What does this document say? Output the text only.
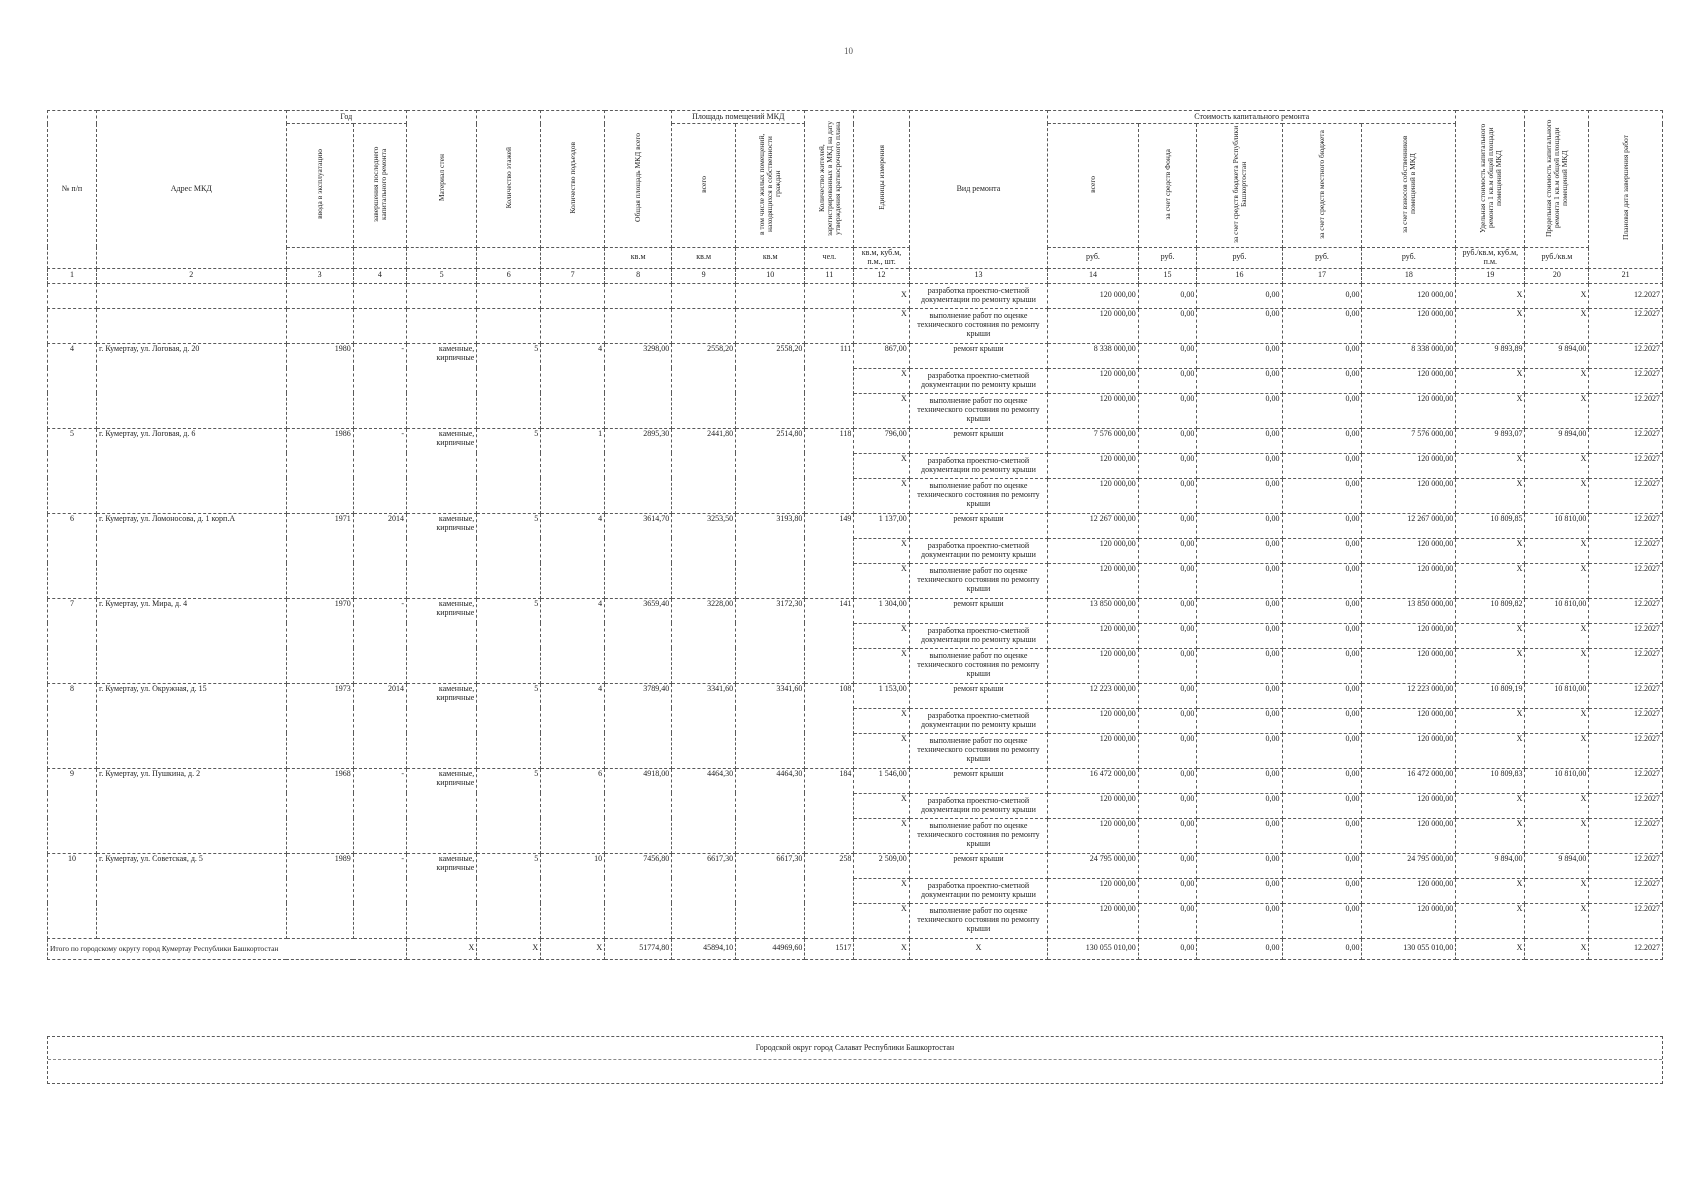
10
№ п/п	Адрес МКД	Год		Материал стен	Количество этажей	Количество подъездов	Общая площадь МКД всего	Площадь помещений МКД		Количество жителей, зарегистрированных в МКД на дату утверждения краткосрочного плана	Единицы измерения	Вид ремонта	Стоимость капитального ремонта					Удельная стоимость капитального ремонта 1 кв.м общей площади помещений МКД	Предельная стоимость капитального ремонта 1 кв.м общей площади помещений МКД	Плановая дата завершения работ
		ввода в эксплуатацию	завершения последнего капитального ремонта					всего	в том числе жилых помещений, находящихся в собственности граждан				всего	за счет средств Фонда	за счет средств бюджета Республики Башкортостан	за счет средств местного бюджета	за счет взносов собственников помещений в МКД			
							кв.м	кв.м	кв.м	чел.	кв.м, куб.м, п.м., шт.		руб.	руб.	руб.	руб.	руб.	руб./кв.м, куб.м, п.м.	руб./кв.м	
1	2	3	4	5	6	7	8	9	10	11	12	13	14	15	16	17	18	19	20	21
											X	разработка проектно-сметной документации по ремонту крыши	120 000,00	0,00	0,00	0,00	120 000,00	X	X	12.2027
											X	выполнение работ по оценке технического состояния по ремонту крыши	120 000,00	0,00	0,00	0,00	120 000,00	X	X	12.2027
4	г. Кумертау, ул. Логовая, д. 20	1980	-	каменные, кирпичные	5	4	3298,00	2558,20	2558,20	111	867,00	ремонт крыши	8 338 000,00	0,00	0,00	0,00	8 338 000,00	9 893,89	9 894,00	12.2027
											X	разработка проектно-сметной документации по ремонту крыши	120 000,00	0,00	0,00	0,00	120 000,00	X	X	12.2027
											X	выполнение работ по оценке технического состояния по ремонту крыши	120 000,00	0,00	0,00	0,00	120 000,00	X	X	12.2027
5	г. Кумертау, ул. Логовая, д. 6	1986	-	каменные, кирпичные	5	1	2895,30	2441,80	2514,80	118	796,00	ремонт крыши	7 576 000,00	0,00	0,00	0,00	7 576 000,00	9 893,07	9 894,00	12.2027
											X	разработка проектно-сметной документации по ремонту крыши	120 000,00	0,00	0,00	0,00	120 000,00	X	X	12.2027
											X	выполнение работ по оценке технического состояния по ремонту крыши	120 000,00	0,00	0,00	0,00	120 000,00	X	X	12.2027
6	г. Кумертау, ул. Ломоносова, д. 1 корп.А	1971	2014	каменные, кирпичные	5	4	3614,70	3253,50	3193,80	149	1 137,00	ремонт крыши	12 267 000,00	0,00	0,00	0,00	12 267 000,00	10 809,85	10 810,00	12.2027
											X	разработка проектно-сметной документации по ремонту крыши	120 000,00	0,00	0,00	0,00	120 000,00	X	X	12.2027
											X	выполнение работ по оценке технического состояния по ремонту крыши	120 000,00	0,00	0,00	0,00	120 000,00	X	X	12.2027
7	г. Кумертау, ул. Мира, д. 4	1970	-	каменные, кирпичные	5	4	3659,40	3228,00	3172,30	141	1 304,00	ремонт крыши	13 850 000,00	0,00	0,00	0,00	13 850 000,00	10 809,82	10 810,00	12.2027
											X	разработка проектно-сметной документации по ремонту крыши	120 000,00	0,00	0,00	0,00	120 000,00	X	X	12.2027
											X	выполнение работ по оценке технического состояния по ремонту крыши	120 000,00	0,00	0,00	0,00	120 000,00	X	X	12.2027
8	г. Кумертау, ул. Окружная, д. 15	1973	2014	каменные, кирпичные	5	4	3789,40	3341,60	3341,60	108	1 153,00	ремонт крыши	12 223 000,00	0,00	0,00	0,00	12 223 000,00	10 809,19	10 810,00	12.2027
											X	разработка проектно-сметной документации по ремонту крыши	120 000,00	0,00	0,00	0,00	120 000,00	X	X	12.2027
											X	выполнение работ по оценке технического состояния по ремонту крыши	120 000,00	0,00	0,00	0,00	120 000,00	X	X	12.2027
9	г. Кумертау, ул. Пушкина, д. 2	1968	-	каменные, кирпичные	5	6	4918,00	4464,30	4464,30	184	1 546,00	ремонт крыши	16 472 000,00	0,00	0,00	0,00	16 472 000,00	10 809,83	10 810,00	12.2027
											X	разработка проектно-сметной документации по ремонту крыши	120 000,00	0,00	0,00	0,00	120 000,00	X	X	12.2027
											X	выполнение работ по оценке технического состояния по ремонту крыши	120 000,00	0,00	0,00	0,00	120 000,00	X	X	12.2027
10	г. Кумертау, ул. Советская, д. 5	1989	-	каменные, кирпичные	5	10	7456,80	6617,30	6617,30	258	2 509,00	ремонт крыши	24 795 000,00	0,00	0,00	0,00	24 795 000,00	9 894,00	9 894,00	12.2027
											X	разработка проектно-сметной документации по ремонту крыши	120 000,00	0,00	0,00	0,00	120 000,00	X	X	12.2027
											X	выполнение работ по оценке технического состояния по ремонту крыши	120 000,00	0,00	0,00	0,00	120 000,00	X	X	12.2027
Итого по городскому округу город Кумертау Республики Башкортостан				X	X	X	51774,80	45894,10	44969,60	1517	X	X	130 055 010,00	0,00	0,00	0,00	130 055 010,00	X	X	12.2027
Городской округ город Салават Республики Башкортостан
